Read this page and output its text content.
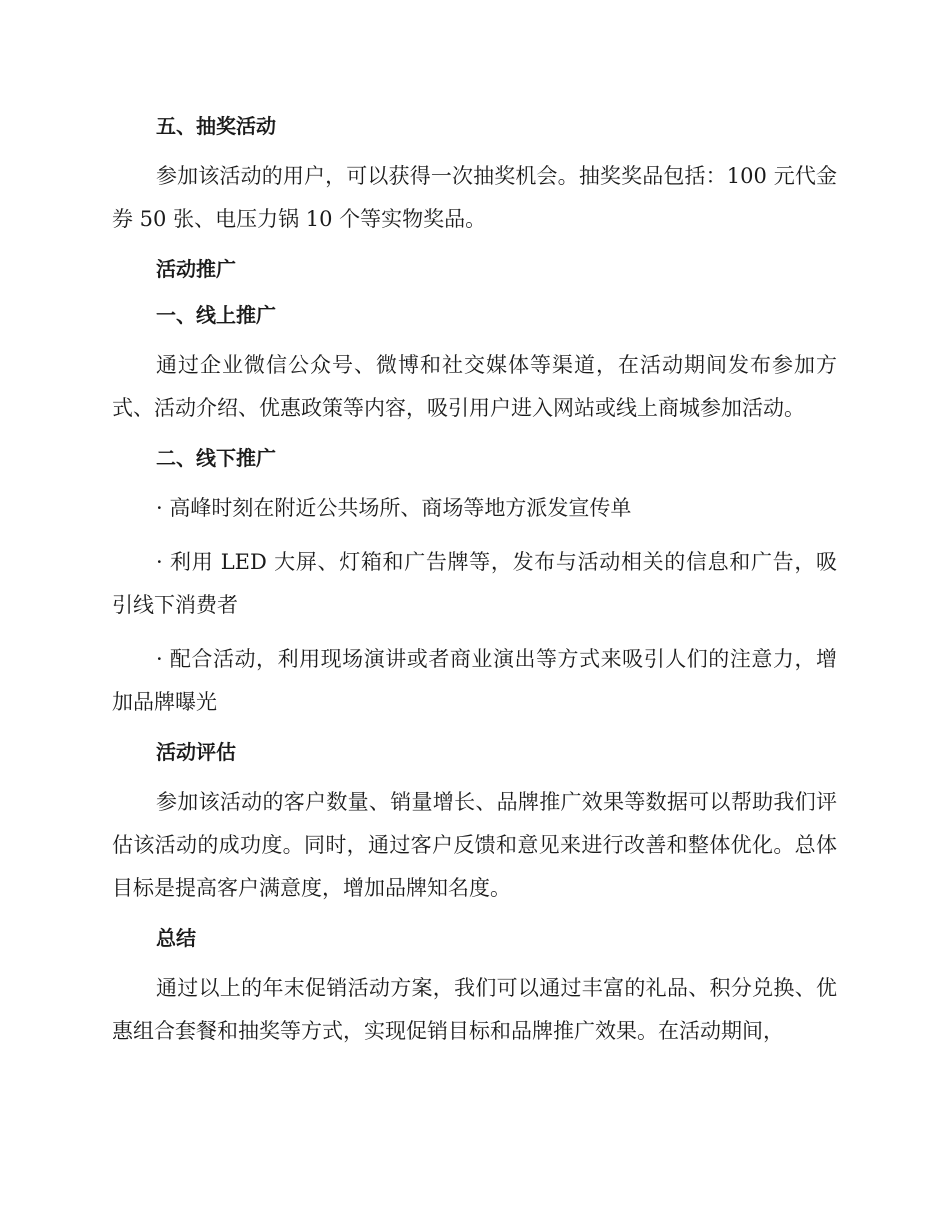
五、抽奖活动
参加该活动的用户，可以获得一次抽奖机会。抽奖奖品包括：100 元代金券 50 张、电压力锅 10 个等实物奖品。
活动推广
一、线上推广
通过企业微信公众号、微博和社交媒体等渠道，在活动期间发布参加方式、活动介绍、优惠政策等内容，吸引用户进入网站或线上商城参加活动。
二、线下推广
· 高峰时刻在附近公共场所、商场等地方派发宣传单
· 利用 LED 大屏、灯箱和广告牌等，发布与活动相关的信息和广告，吸引线下消费者
· 配合活动，利用现场演讲或者商业演出等方式来吸引人们的注意力，增加品牌曝光
活动评估
参加该活动的客户数量、销量增长、品牌推广效果等数据可以帮助我们评估该活动的成功度。同时，通过客户反馈和意见来进行改善和整体优化。总体目标是提高客户满意度，增加品牌知名度。
总结
通过以上的年末促销活动方案，我们可以通过丰富的礼品、积分兑换、优惠组合套餐和抽奖等方式，实现促销目标和品牌推广效果。在活动期间，
